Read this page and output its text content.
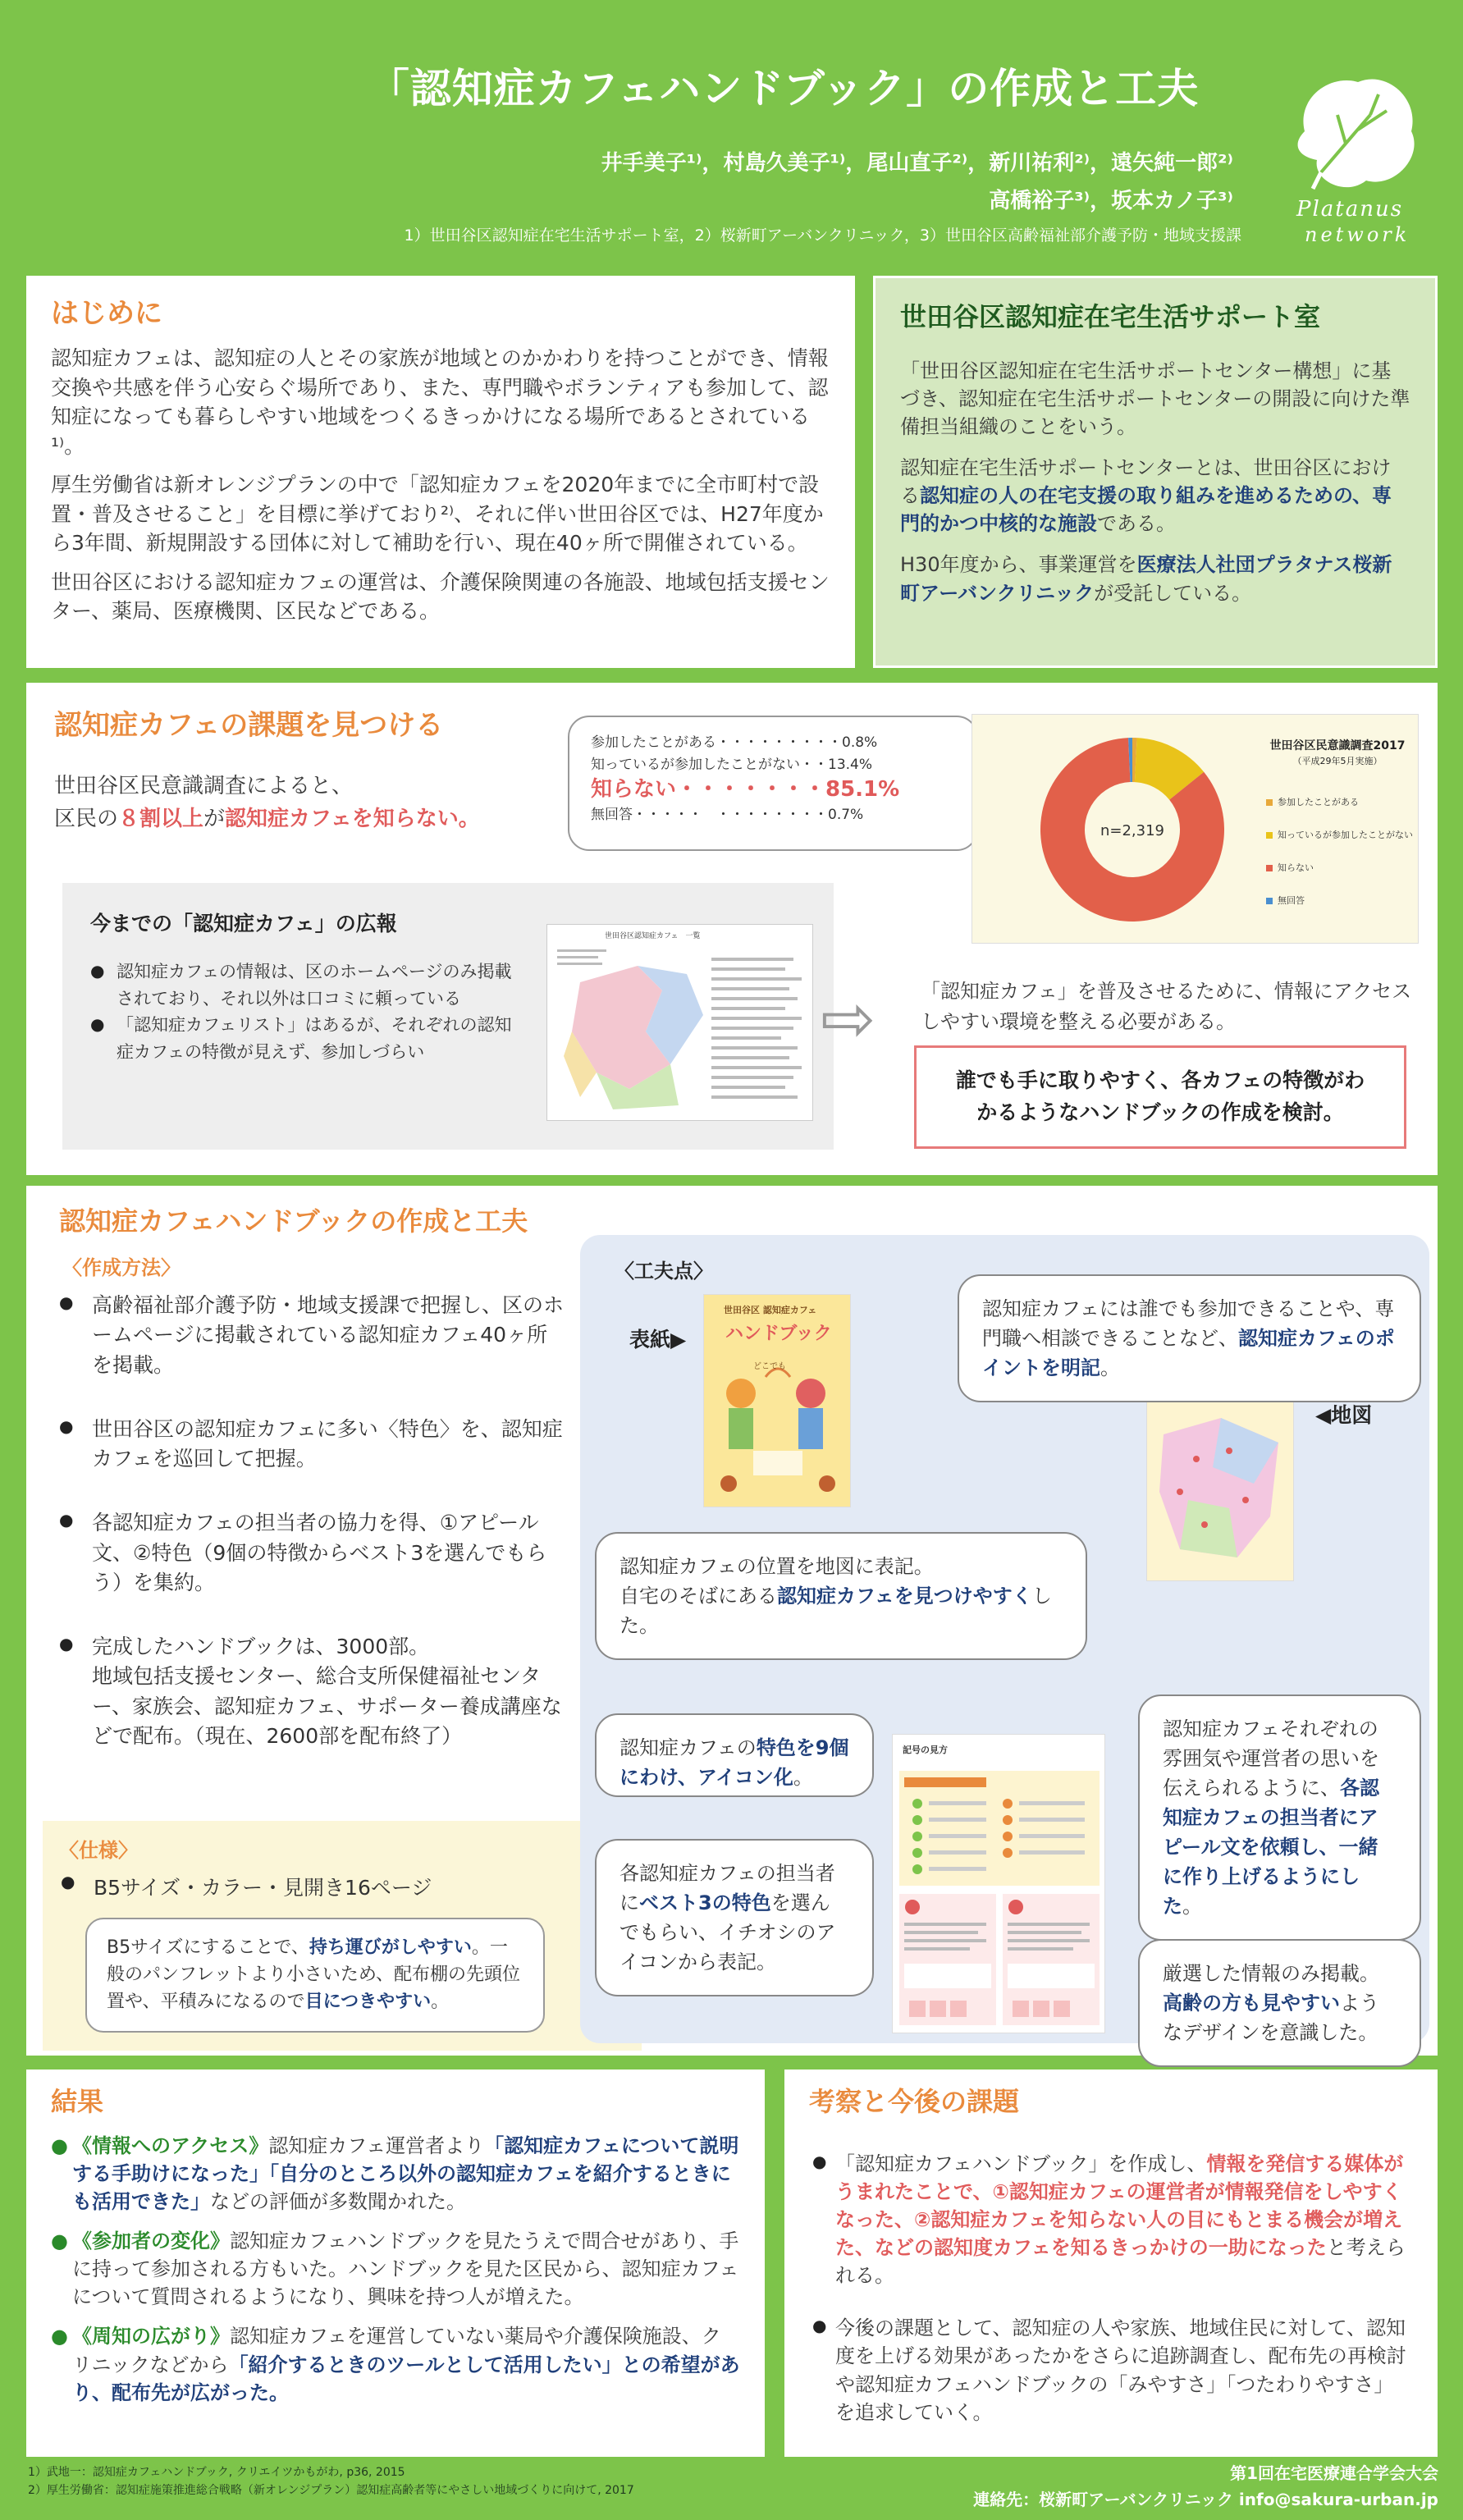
「認知症カフェハンドブック」の作成と工夫
井手美子¹⁾，村島久美子¹⁾，尾山直子²⁾，新川祐利²⁾，遠矢純一郎²⁾
高橋裕子³⁾，坂本カノ子³⁾
1）世田谷区認知症在宅生活サポート室，2）桜新町アーバンクリニック，3）世田谷区高齢福祉部介護予防・地域支援課
Platanus
network
はじめに
認知症カフェは、認知症の人とその家族が地域とのかかわりを持つことができ、情報交換や共感を伴う心安らぐ場所であり、また、専門職やボランティアも参加して、認知症になっても暮らしやすい地域をつくるきっかけになる場所であるとされている¹⁾。
厚生労働省は新オレンジプランの中で「認知症カフェを2020年までに全市町村で設置・普及させること」を目標に挙げており²⁾、それに伴い世田谷区では、H27年度から3年間、新規開設する団体に対して補助を行い、現在40ヶ所で開催されている。
世田谷区における認知症カフェの運営は、介護保険関連の各施設、地域包括支援センター、薬局、医療機関、区民などである。
世田谷区認知症在宅生活サポート室
「世田谷区認知症在宅生活サポートセンター構想」に基づき、認知症在宅生活サポートセンターの開設に向けた準備担当組織のことをいう。
認知症在宅生活サポートセンターとは、世田谷区における認知症の人の在宅支援の取り組みを進めるための、専門的かつ中核的な施設である。
H30年度から、事業運営を医療法人社団プラタナス桜新町アーバンクリニックが受託している。
認知症カフェの課題を見つける
世田谷区民意識調査によると、
区民の８割以上が認知症カフェを知らない。
参加したことがある・・・・・・・・・0.8%
知っているが参加したことがない・・13.4%
知らない・・・・・・・85.1%
無回答・・・・・　・・・・・・・・0.7%
n=2,319
世田谷区民意識調査2017
（平成29年5月実施）
参加したことがある
知っているが参加したことがない
知らない
無回答
今までの「認知症カフェ」の広報
● 認知症カフェの情報は、区のホームページのみ掲載されており、それ以外は口コミに頼っている
● 「認知症カフェリスト」はあるが、それぞれの認知症カフェの特徴が見えず、参加しづらい
世田谷区認知症カフェ　一覧
⇨ 「認知症カフェ」を普及させるために、情報にアクセスしやすい環境を整える必要がある。
誰でも手に取りやすく、各カフェの特徴がわかるようなハンドブックの作成を検討。
認知症カフェハンドブックの作成と工夫
〈作成方法〉
● 高齢福祉部介護予防・地域支援課で把握し、区のホームページに掲載されている認知症カフェ40ヶ所を掲載。
● 世田谷区の認知症カフェに多い〈特色〉を、認知症カフェを巡回して把握。
● 各認知症カフェの担当者の協力を得、①アピール文、②特色（9個の特徴からベスト3を選んでもらう）を集約。
● 完成したハンドブックは、3000部。
地域包括支援センター、総合支所保健福祉センター、家族会、認知症カフェ、サポーター養成講座などで配布。（現在、2600部を配布終了）
〈仕様〉
● B5サイズ・カラー・見開き16ページ
B5サイズにすることで、持ち運びがしやすい。一般のパンフレットより小さいため、配布棚の先頭位置や、平積みになるので目につきやすい。
〈工夫点〉
表紙▶
世田谷区 認知症カフェ
ハンドブック
どこでも
◀地図
記号の見方
認知症カフェには誰でも参加できることや、専門職へ相談できることなど、認知症カフェのポイントを明記。
認知症カフェの位置を地図に表記。
自宅のそばにある認知症カフェを見つけやすくした。
認知症カフェの特色を9個にわけ、アイコン化。
認知症カフェそれぞれの雰囲気や運営者の思いを伝えられるように、各認知症カフェの担当者にアピール文を依頼し、一緒に作り上げるようにした。
各認知症カフェの担当者にベスト3の特色を選んでもらい、イチオシのアイコンから表記。	厳選した情報のみ掲載。
高齢の方も見やすいようなデザインを意識した。
結果
● 《情報へのアクセス》認知症カフェ運営者より「認知症カフェについて説明する手助けになった」「自分のところ以外の認知症カフェを紹介するときにも活用できた」などの評価が多数聞かれた。
● 《参加者の変化》認知症カフェハンドブックを見たうえで問合せがあり、手に持って参加される方もいた。ハンドブックを見た区民から、認知症カフェについて質問されるようになり、興味を持つ人が増えた。
● 《周知の広がり》認知症カフェを運営していない薬局や介護保険施設、クリニックなどから「紹介するときのツールとして活用したい」との希望があり、配布先が広がった。
考察と今後の課題
● 「認知症カフェハンドブック」を作成し、情報を発信する媒体がうまれたことで、①認知症カフェの運営者が情報発信をしやすくなった、②認知症カフェを知らない人の目にもとまる機会が増えた、などの認知度カフェを知るきっかけの一助になったと考えられる。
● 今後の課題として、認知症の人や家族、地域住民に対して、認知度を上げる効果があったかをさらに追跡調査し、配布先の再検討や認知症カフェハンドブックの「みやすさ」「つたわりやすさ」を追求していく。
1）武地一：認知症カフェハンドブック, クリエイツかもがわ, p36, 2015
2）厚生労働省：認知症施策推進総合戦略（新オレンジプラン）認知症高齢者等にやさしい地域づくりに向けて, 2017
第1回在宅医療連合学会大会
連絡先：桜新町アーバンクリニック info@sakura-urban.jp
